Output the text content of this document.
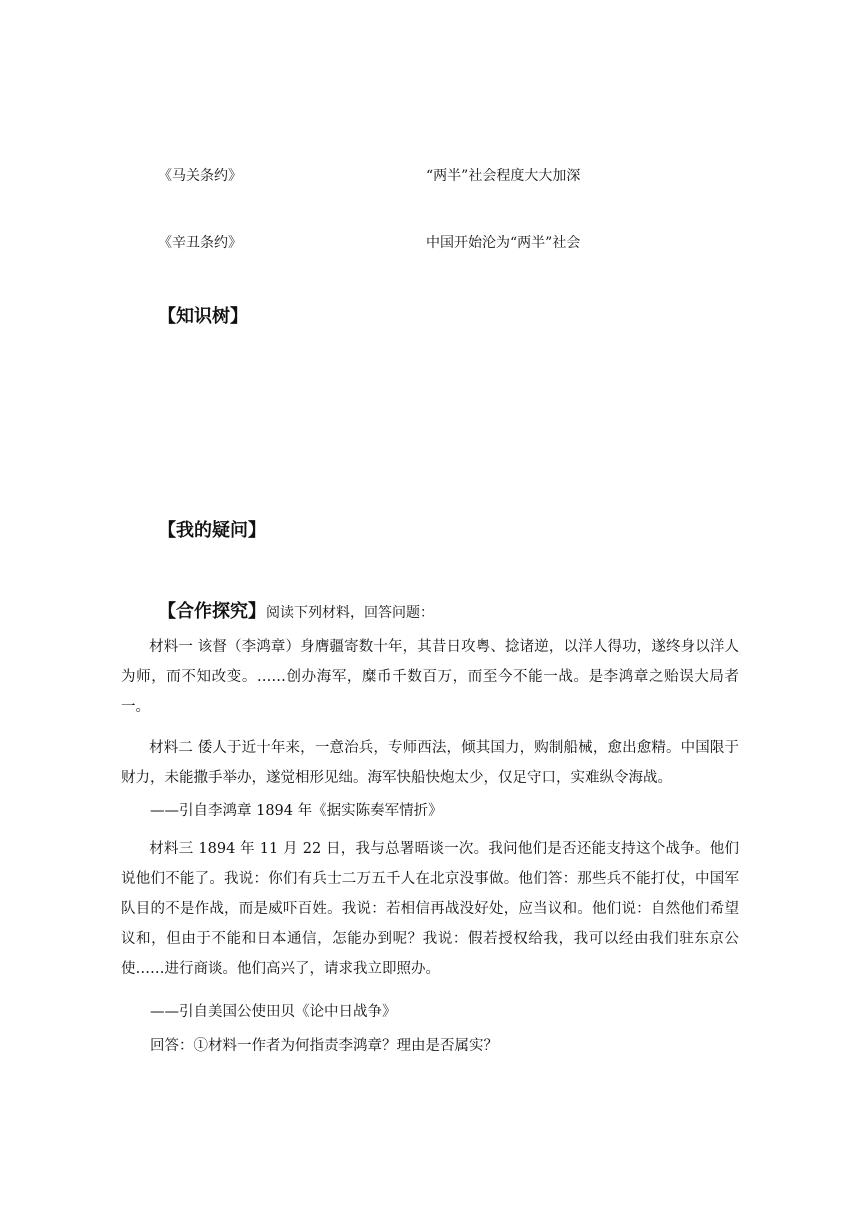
《马关条约》	“两半”社会程度大大加深
《辛丑条约》	中国开始沦为“两半”社会
【知识树】
【我的疑问】
【合作探究】阅读下列材料，回答问题：
材料一 该督（李鸿章）身膺疆寄数十年，其昔日攻粤、捻诸逆，以洋人得功，遂终身以洋人为师，而不知改变。……创办海军，糜币千数百万，而至今不能一战。是李鸿章之贻误大局者一。
材料二 倭人于近十年来，一意治兵，专师西法，倾其国力，购制船械，愈出愈精。中国限于财力，未能撒手举办，遂觉相形见绌。海军快船快炮太少，仅足守口，实难纵令海战。
——引自李鸿章 1894 年《据实陈奏军情折》
材料三 1894 年 11 月 22 日，我与总署晤谈一次。我问他们是否还能支持这个战争。他们说他们不能了。我说：你们有兵士二万五千人在北京没事做。他们答：那些兵不能打仗，中国军队目的不是作战，而是威吓百姓。我说：若相信再战没好处，应当议和。他们说：自然他们希望议和，但由于不能和日本通信，怎能办到呢？我说：假若授权给我，我可以经由我们驻东京公使……进行商谈。他们高兴了，请求我立即照办。
——引自美国公使田贝《论中日战争》
回答：①材料一作者为何指责李鸿章？理由是否属实？
